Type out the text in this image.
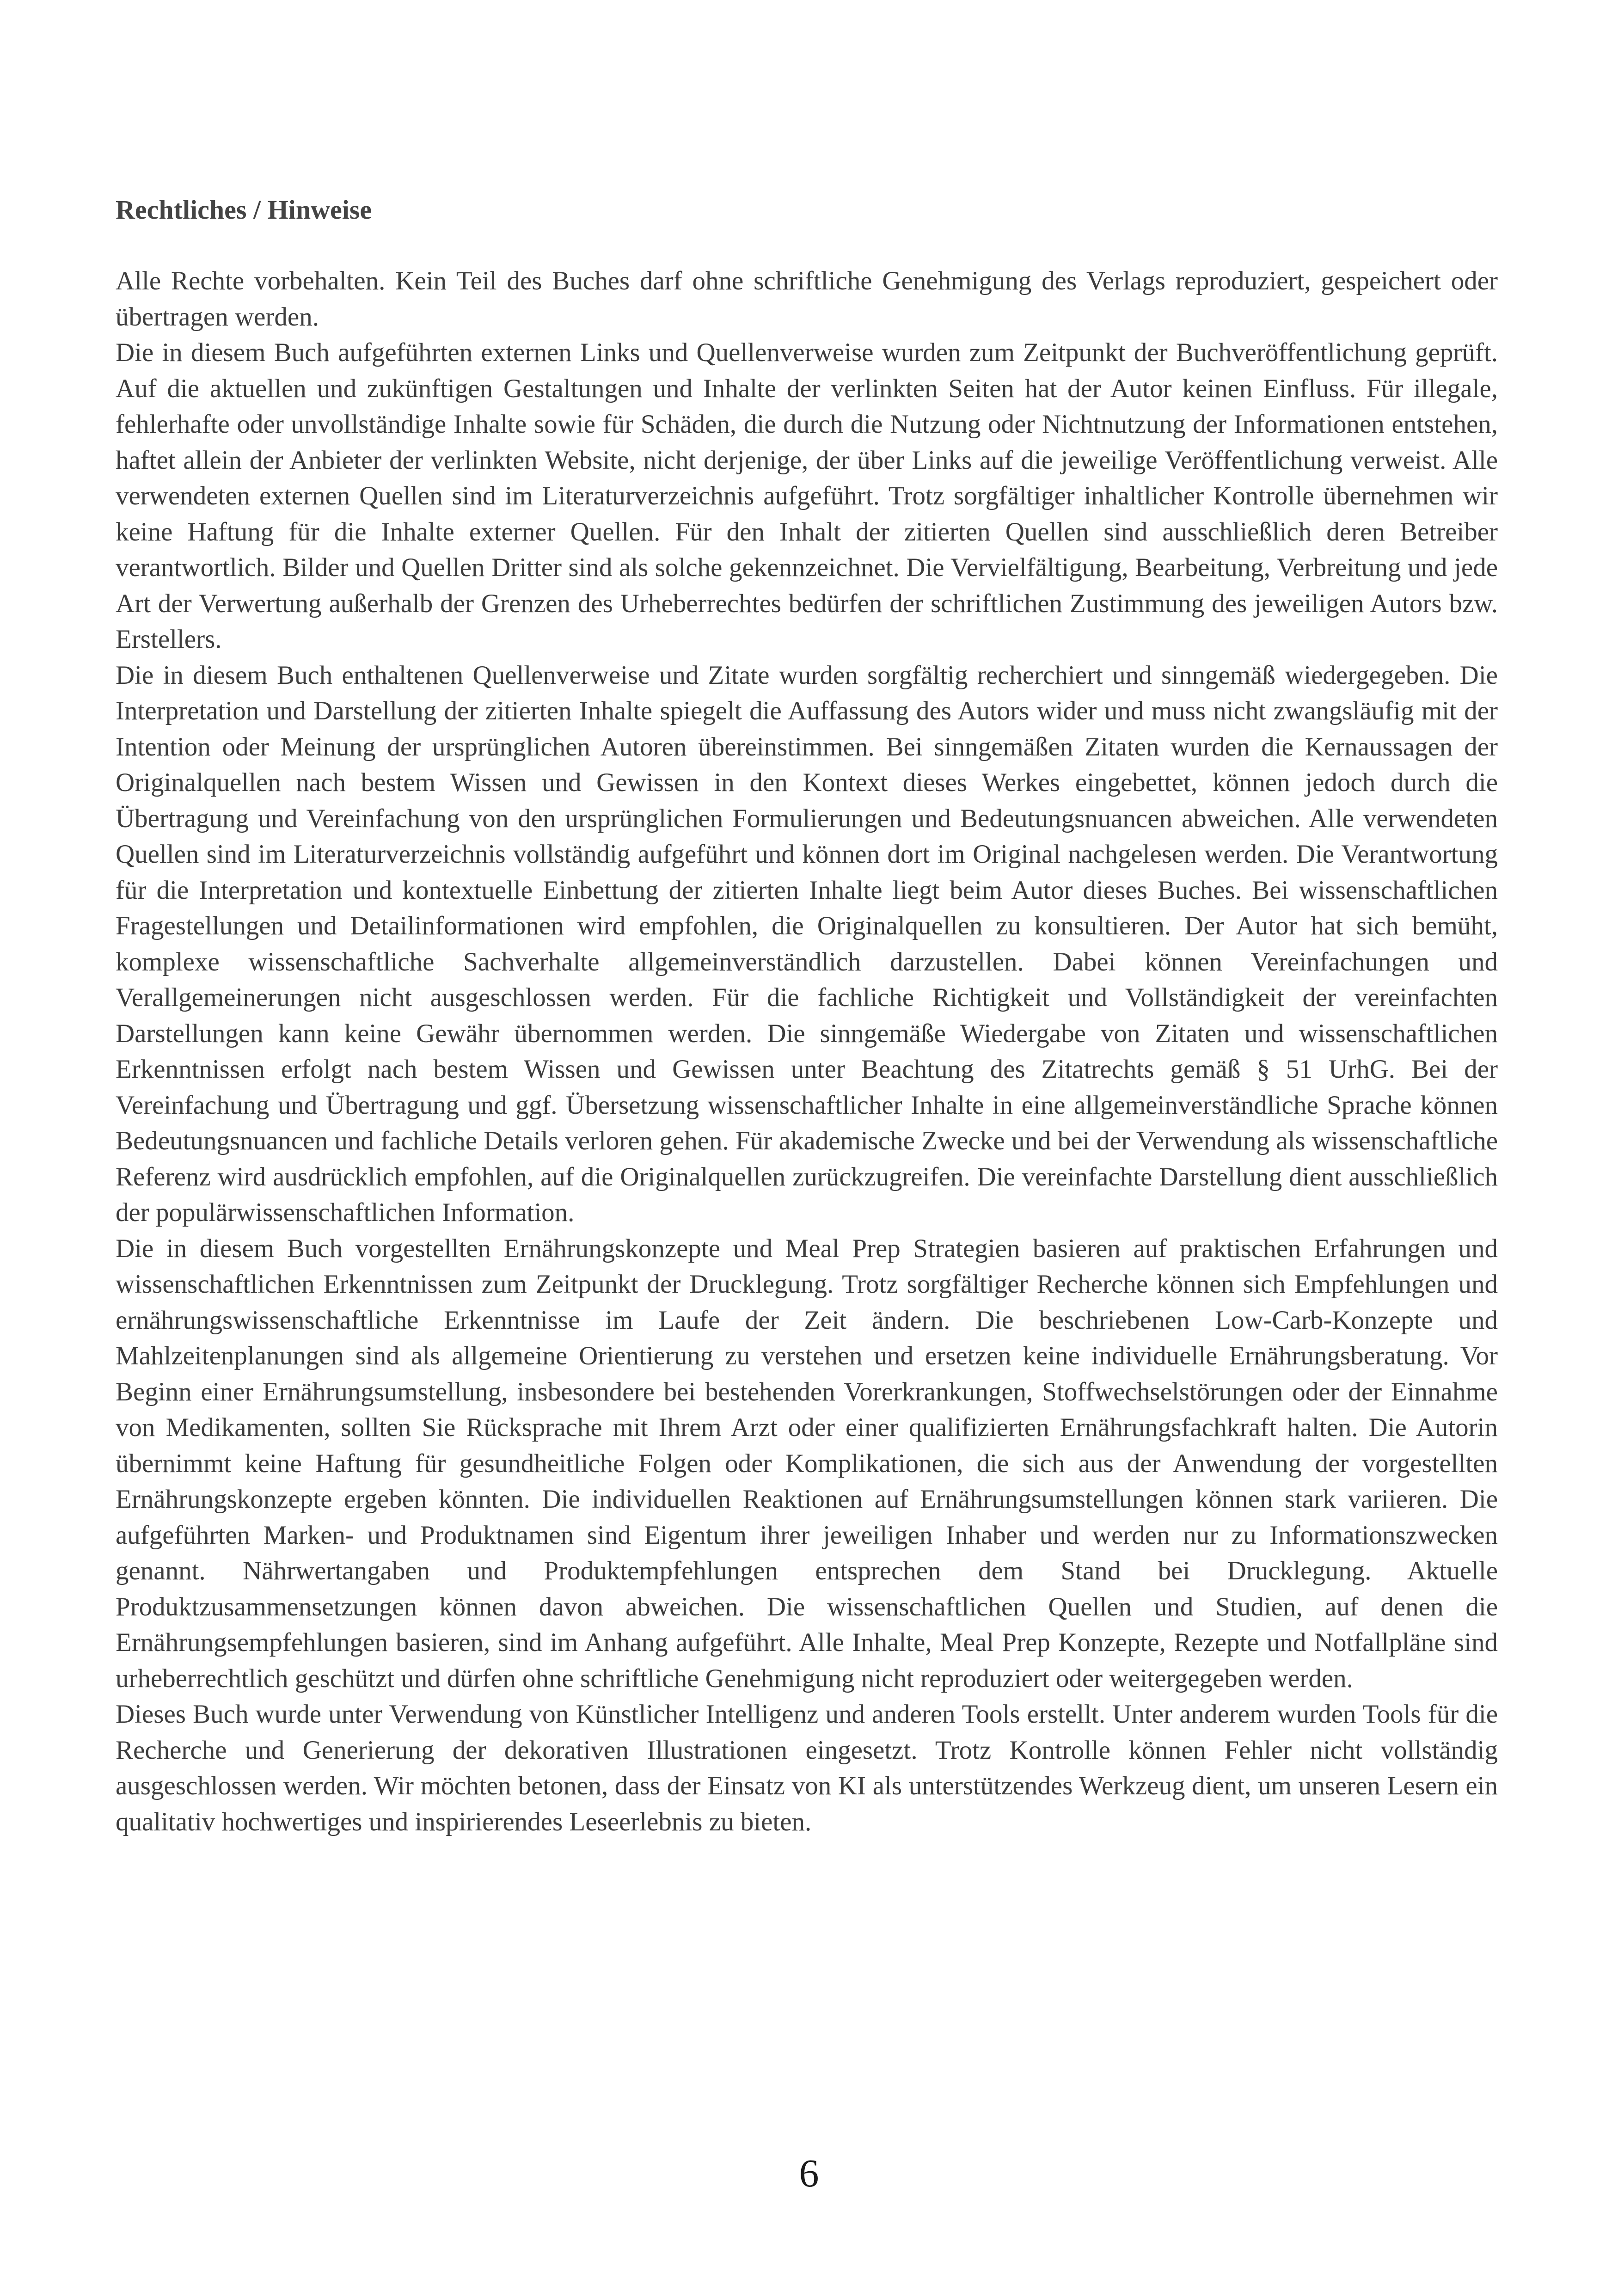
Rechtliches / Hinweise

Alle Rechte vorbehalten. Kein Teil des Buches darf ohne schriftliche Genehmigung des Verlags reproduziert, gespeichert oder übertragen werden.

Die in diesem Buch aufgeführten externen Links und Quellenverweise wurden zum Zeitpunkt der Buchveröffentlichung geprüft. Auf die aktuellen und zukünftigen Gestaltungen und Inhalte der verlinkten Seiten hat der Autor keinen Einfluss. Für illegale, fehlerhafte oder unvollständige Inhalte sowie für Schäden, die durch die Nutzung oder Nichtnutzung der Informationen entstehen, haftet allein der Anbieter der verlinkten Website, nicht derjenige, der über Links auf die jeweilige Veröffentlichung verweist. Alle verwendeten externen Quellen sind im Literaturverzeichnis aufgeführt. Trotz sorgfältiger inhaltlicher Kontrolle übernehmen wir keine Haftung für die Inhalte externer Quellen. Für den Inhalt der zitierten Quellen sind ausschließlich deren Betreiber verantwortlich. Bilder und Quellen Dritter sind als solche gekennzeichnet. Die Vervielfältigung, Bearbeitung, Verbreitung und jede Art der Verwertung außerhalb der Grenzen des Urheberrechtes bedürfen der schriftlichen Zustimmung des jeweiligen Autors bzw. Erstellers.

Die in diesem Buch enthaltenen Quellenverweise und Zitate wurden sorgfältig recherchiert und sinngemäß wiedergegeben. Die Interpretation und Darstellung der zitierten Inhalte spiegelt die Auffassung des Autors wider und muss nicht zwangsläufig mit der Intention oder Meinung der ursprünglichen Autoren übereinstimmen. Bei sinngemäßen Zitaten wurden die Kernaussagen der Originalquellen nach bestem Wissen und Gewissen in den Kontext dieses Werkes eingebettet, können jedoch durch die Übertragung und Vereinfachung von den ursprünglichen Formulierungen und Bedeutungsnuancen abweichen. Alle verwendeten Quellen sind im Literaturverzeichnis vollständig aufgeführt und können dort im Original nachgelesen werden. Die Verantwortung für die Interpretation und kontextuelle Einbettung der zitierten Inhalte liegt beim Autor dieses Buches. Bei wissenschaftlichen Fragestellungen und Detailinformationen wird empfohlen, die Originalquellen zu konsultieren. Der Autor hat sich bemüht, komplexe wissenschaftliche Sachverhalte allgemeinverständlich darzustellen. Dabei können Vereinfachungen und Verallgemeinerungen nicht ausgeschlossen werden. Für die fachliche Richtigkeit und Vollständigkeit der vereinfachten Darstellungen kann keine Gewähr übernommen werden. Die sinngemäße Wiedergabe von Zitaten und wissenschaftlichen Erkenntnissen erfolgt nach bestem Wissen und Gewissen unter Beachtung des Zitatrechts gemäß § 51 UrhG. Bei der Vereinfachung und Übertragung und ggf. Übersetzung wissenschaftlicher Inhalte in eine allgemeinverständliche Sprache können Bedeutungsnuancen und fachliche Details verloren gehen. Für akademische Zwecke und bei der Verwendung als wissenschaftliche Referenz wird ausdrücklich empfohlen, auf die Originalquellen zurückzugreifen. Die vereinfachte Darstellung dient ausschließlich der populärwissenschaftlichen Information.

Die in diesem Buch vorgestellten Ernährungskonzepte und Meal Prep Strategien basieren auf praktischen Erfahrungen und wissenschaftlichen Erkenntnissen zum Zeitpunkt der Drucklegung. Trotz sorgfältiger Recherche können sich Empfehlungen und ernährungswissenschaftliche Erkenntnisse im Laufe der Zeit ändern. Die beschriebenen Low-Carb-Konzepte und Mahlzeitenplanungen sind als allgemeine Orientierung zu verstehen und ersetzen keine individuelle Ernährungsberatung. Vor Beginn einer Ernährungsumstellung, insbesondere bei bestehenden Vorerkrankungen, Stoffwechselstörungen oder der Einnahme von Medikamenten, sollten Sie Rücksprache mit Ihrem Arzt oder einer qualifizierten Ernährungsfachkraft halten. Die Autorin übernimmt keine Haftung für gesundheitliche Folgen oder Komplikationen, die sich aus der Anwendung der vorgestellten Ernährungskonzepte ergeben könnten. Die individuellen Reaktionen auf Ernährungsumstellungen können stark variieren. Die aufgeführten Marken- und Produktnamen sind Eigentum ihrer jeweiligen Inhaber und werden nur zu Informationszwecken genannt. Nährwertangaben und Produktempfehlungen entsprechen dem Stand bei Drucklegung. Aktuelle Produktzusammensetzungen können davon abweichen. Die wissenschaftlichen Quellen und Studien, auf denen die Ernährungsempfehlungen basieren, sind im Anhang aufgeführt. Alle Inhalte, Meal Prep Konzepte, Rezepte und Notfallpläne sind urheberrechtlich geschützt und dürfen ohne schriftliche Genehmigung nicht reproduziert oder weitergegeben werden.

Dieses Buch wurde unter Verwendung von Künstlicher Intelligenz und anderen Tools erstellt. Unter anderem wurden Tools für die Recherche und Generierung der dekorativen Illustrationen eingesetzt. Trotz Kontrolle können Fehler nicht vollständig ausgeschlossen werden. Wir möchten betonen, dass der Einsatz von KI als unterstützendes Werkzeug dient, um unseren Lesern ein qualitativ hochwertiges und inspirierendes Leseerlebnis zu bieten.

6
